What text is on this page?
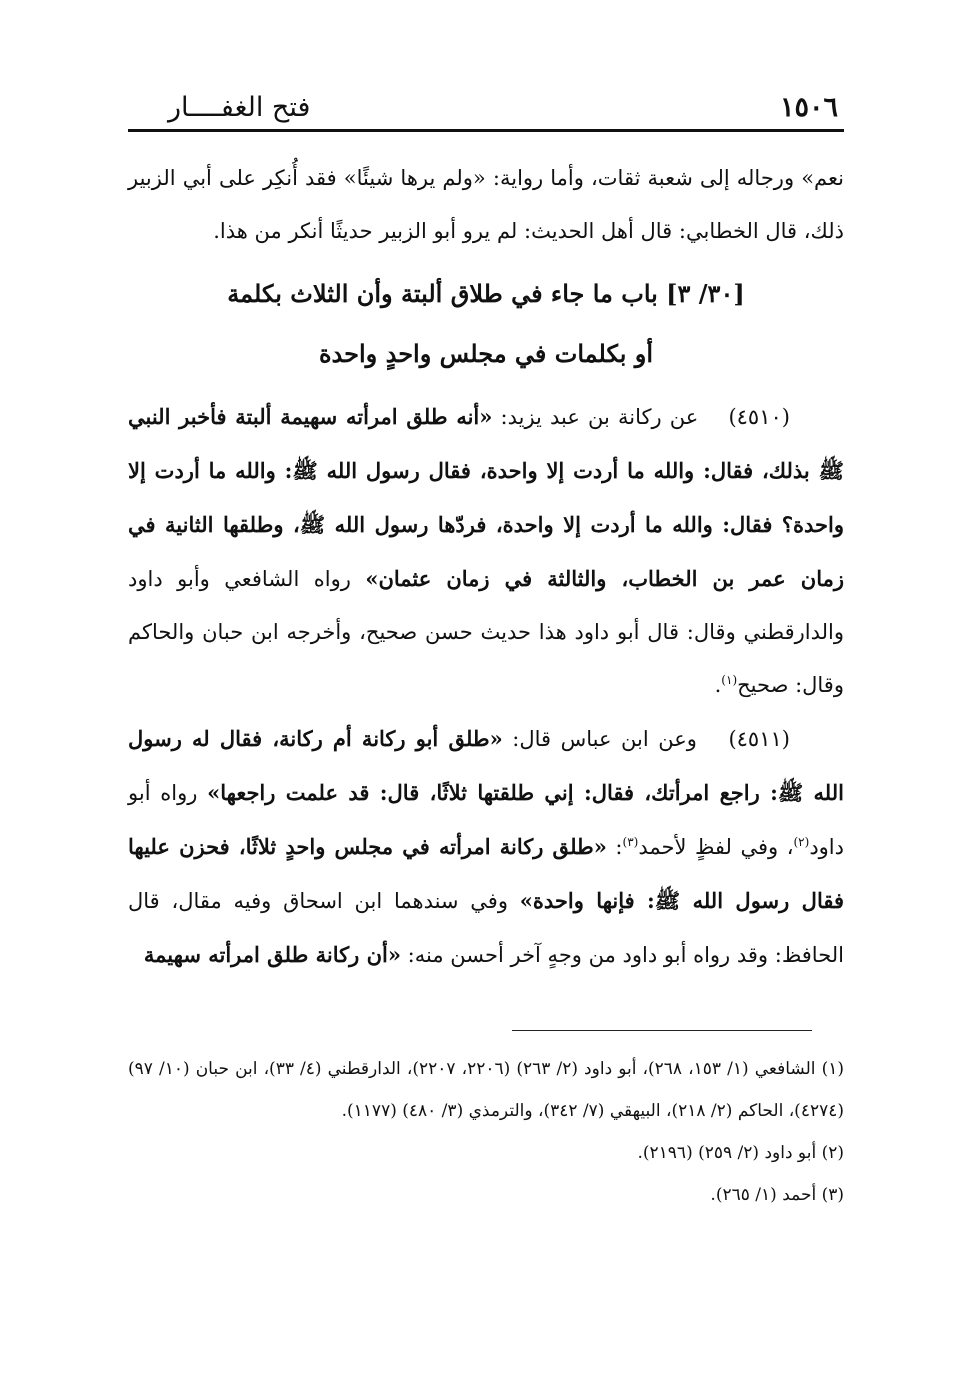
فتح الغفــــار	١٥٠٦

نعم» ورجاله إلى شعبة ثقات، وأما رواية: «ولم يرها شيئًا» فقد أُنكِر على أبي الزبير ذلك، قال الخطابي: قال أهل الحديث: لم يرو أبو الزبير حديثًا أنكر من هذا.

[٣٠/ ٣] باب ما جاء في طلاق ألبتة وأن الثلاث بكلمة
أو بكلمات في مجلس واحدٍ واحدة

(٤٥١٠) عن ركانة بن عبد يزيد: «أنه طلق امرأته سهيمة ألبتة فأخبر النبي ﷺ بذلك، فقال: والله ما أردت إلا واحدة، فقال رسول الله ﷺ: والله ما أردت إلا واحدة؟ فقال: والله ما أردت إلا واحدة، فردّها رسول الله ﷺ، وطلقها الثانية في زمان عمر بن الخطاب، والثالثة في زمان عثمان» رواه الشافعي وأبو داود والدارقطني وقال: قال أبو داود هذا حديث حسن صحيح، وأخرجه ابن حبان والحاكم وقال: صحيح$^{(١)}$.

(٤٥١١) وعن ابن عباس قال: «طلق أبو ركانة أم ركانة، فقال له رسول الله ﷺ: راجع امرأتك، فقال: إني طلقتها ثلاثًا، قال: قد علمت راجعها» رواه أبو داود$^{(٢)}$، وفي لفظٍ لأحمد$^{(٣)}$: «طلق ركانة امرأته في مجلس واحدٍ ثلاثًا، فحزن عليها فقال رسول الله ﷺ: فإنها واحدة» وفي سندهما ابن اسحاق وفيه مقال، قال الحافظ: وقد رواه أبو داود من وجهٍ آخر أحسن منه: «أن ركانة طلق امرأته سهيمة

(١) الشافعي (١/ ١٥٣، ٢٦٨)، أبو داود (٢/ ٢٦٣) (٢٢٠٦، ٢٢٠٧)، الدارقطني (٤/ ٣٣)، ابن حبان (١٠/ ٩٧) (٤٢٧٤)، الحاكم (٢/ ٢١٨)، البيهقي (٧/ ٣٤٢)، والترمذي (٣/ ٤٨٠) (١١٧٧).

(٢) أبو داود (٢/ ٢٥٩) (٢١٩٦).

(٣) أحمد (١/ ٢٦٥).
